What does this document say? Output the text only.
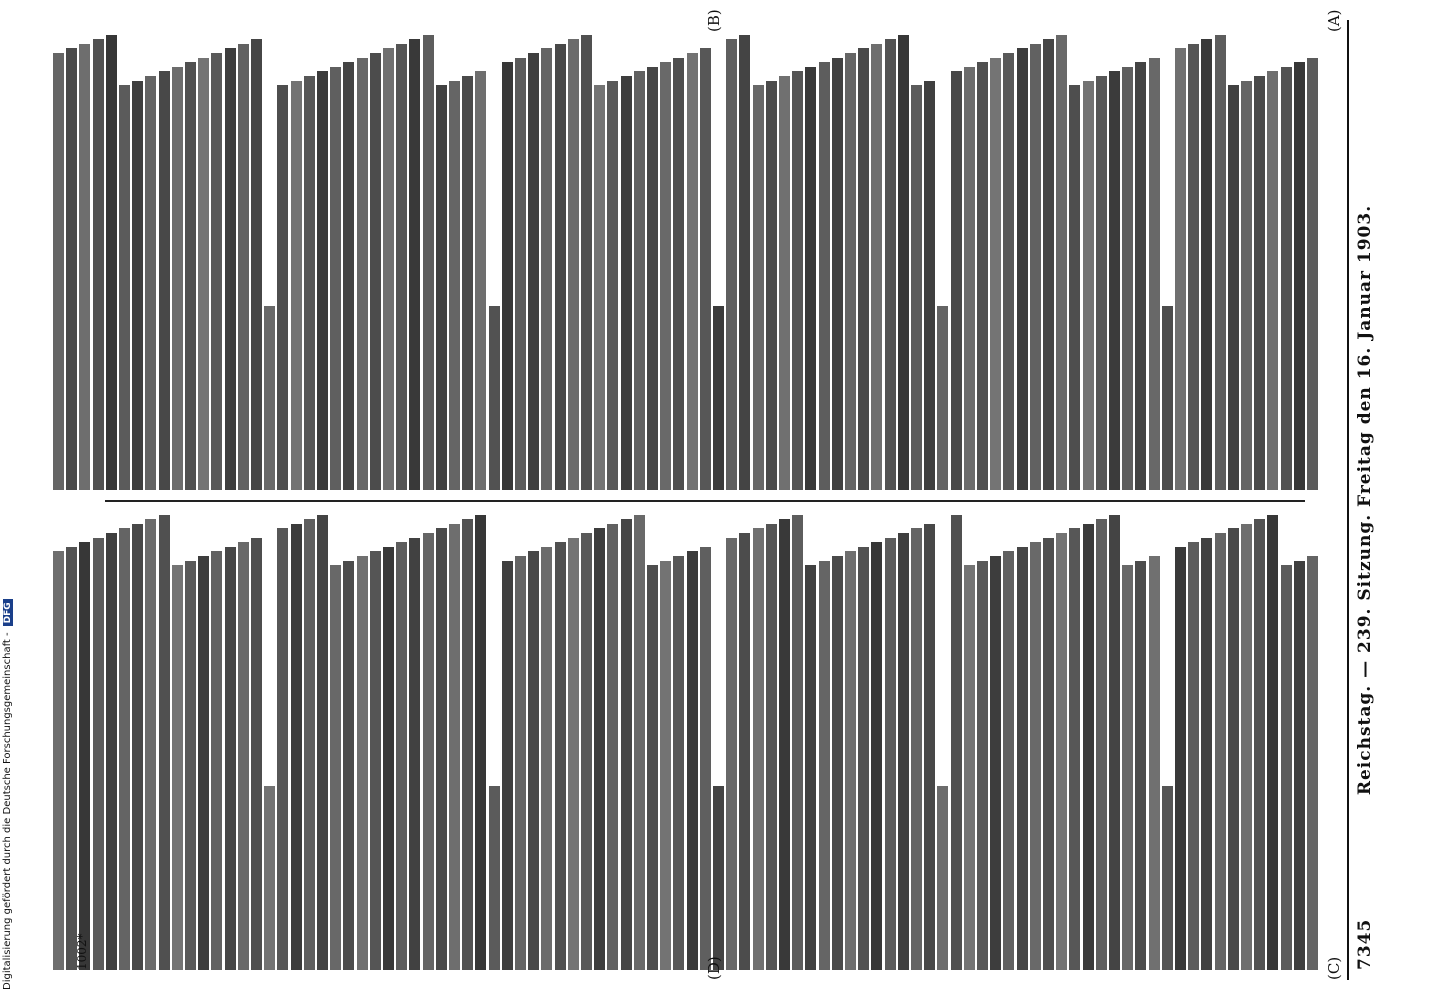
Digitalisierung gefördert durch die Deutsche Forschungsgemeinschaft -DFG
7345
Reichstag. — 239. Sitzung. Freitag den 16. Januar 1903.
(A)
(B)
(C)
(D)
1002*
